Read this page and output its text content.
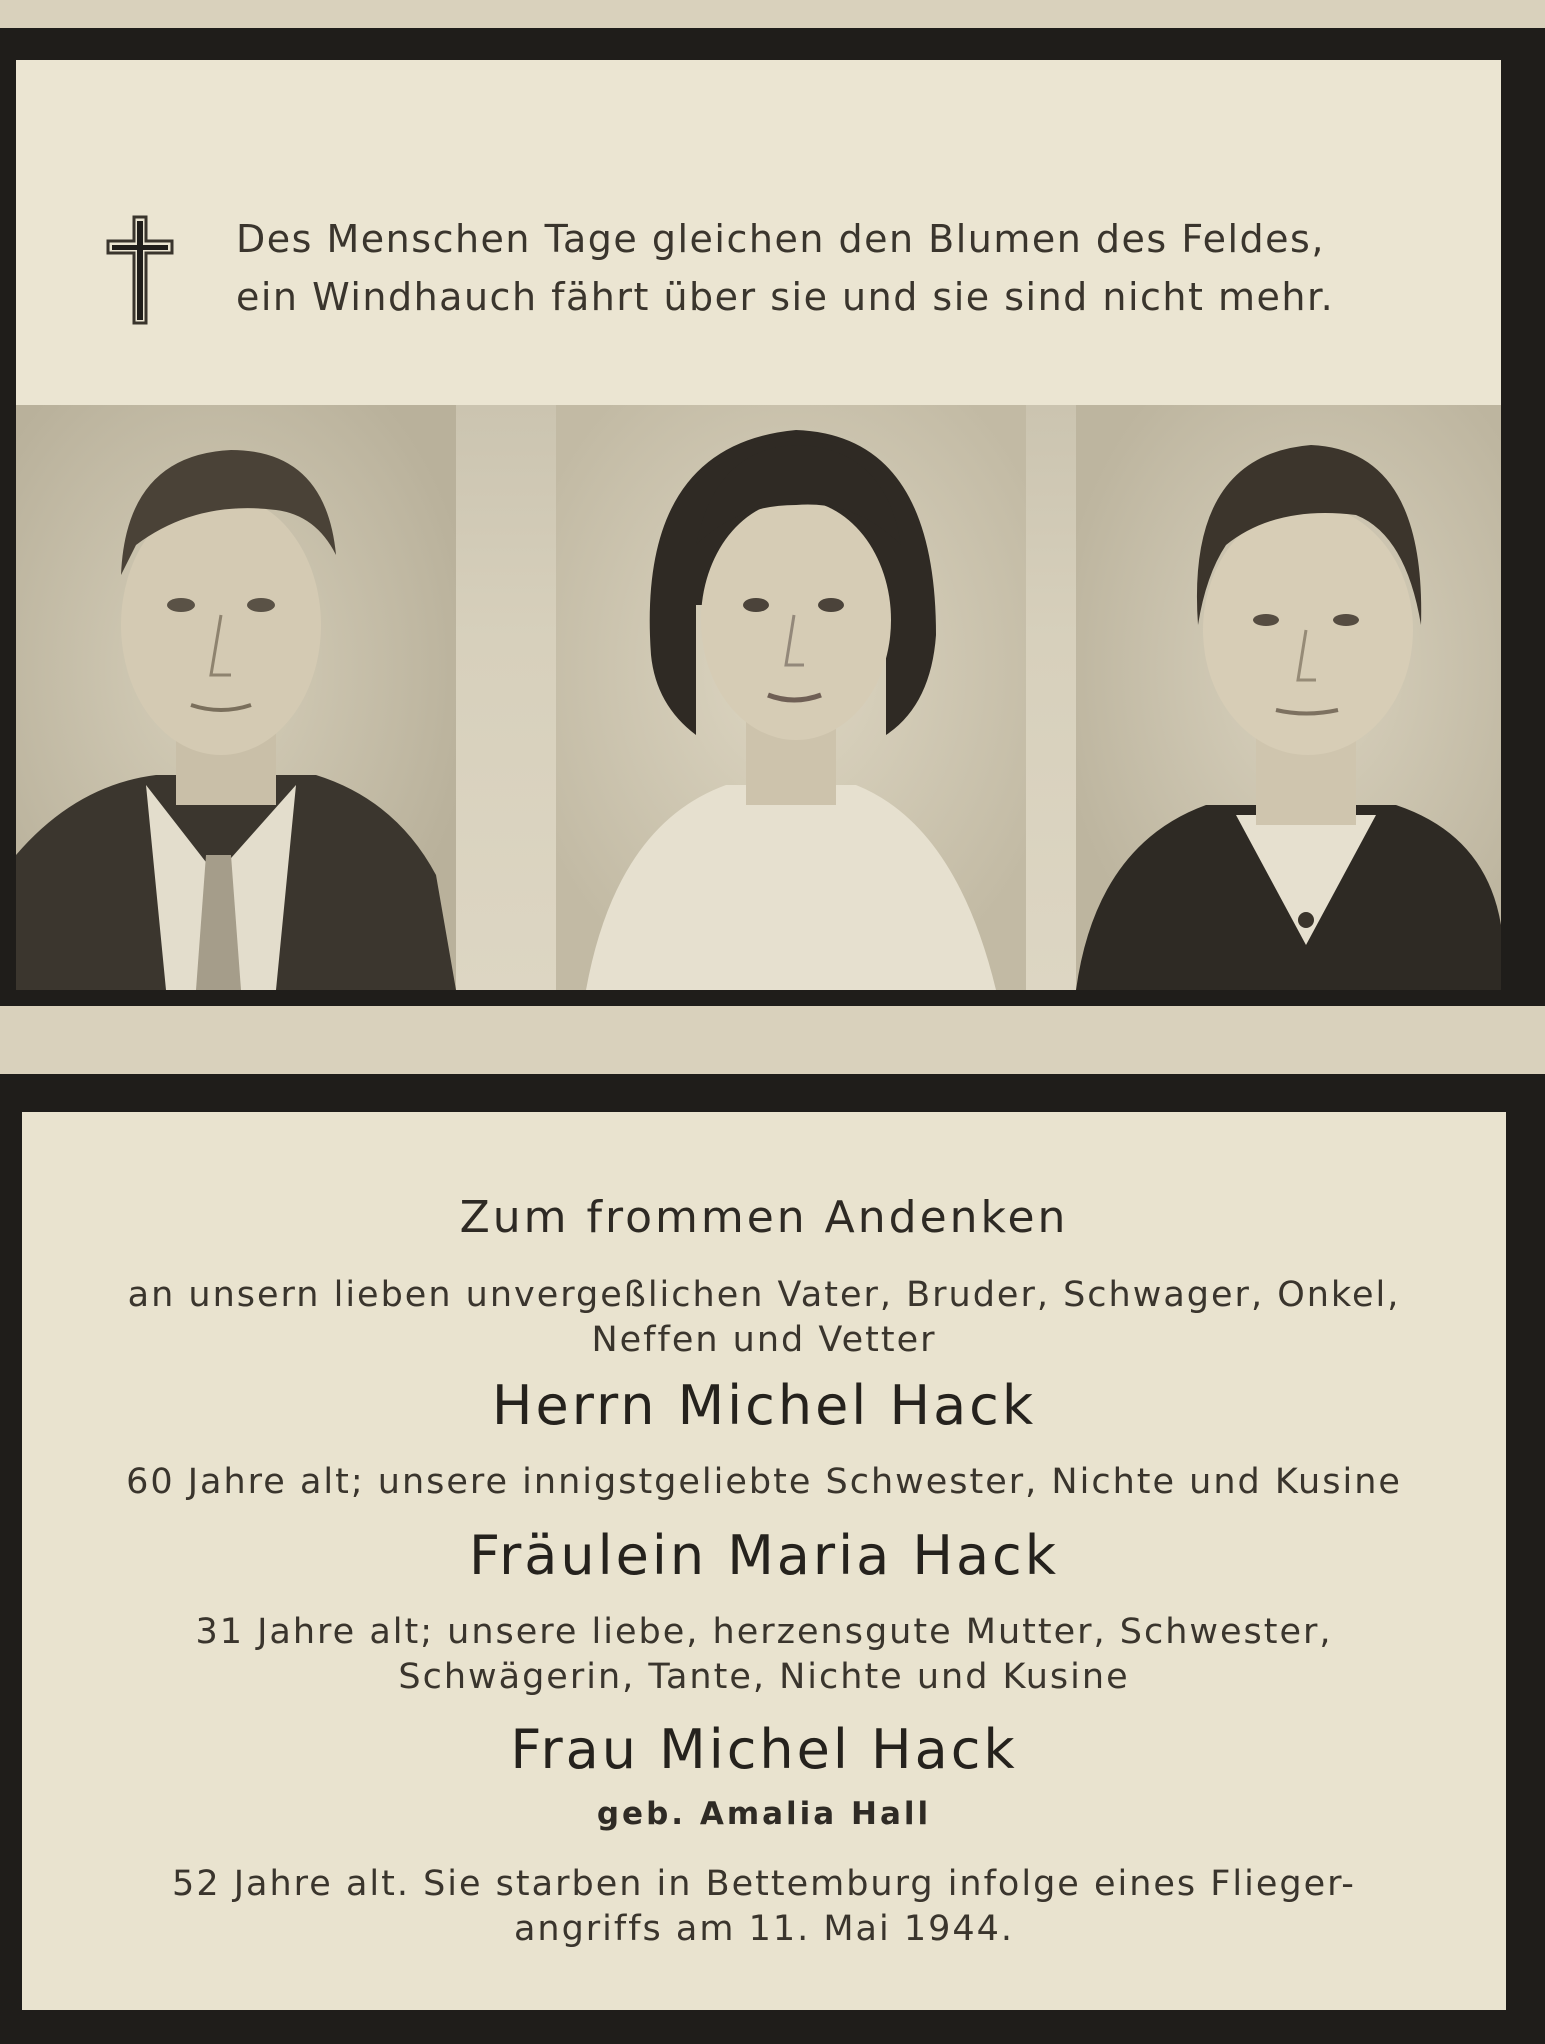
Des Menschen Tage gleichen den Blumen des Feldes,
ein Windhauch fährt über sie und sie sind nicht mehr.
Zum frommen Andenken
an unsern lieben unvergeßlichen Vater, Bruder, Schwager, Onkel,
Neffen und Vetter
Herrn Michel Hack
60 Jahre alt; unsere innigstgeliebte Schwester, Nichte und Kusine
Fräulein Maria Hack
31 Jahre alt; unsere liebe, herzensgute Mutter, Schwester,
Schwägerin, Tante, Nichte und Kusine
Frau Michel Hack
geb. Amalia Hall
52 Jahre alt. Sie starben in Bettemburg infolge eines Flieger-
angriffs am 11. Mai 1944.
